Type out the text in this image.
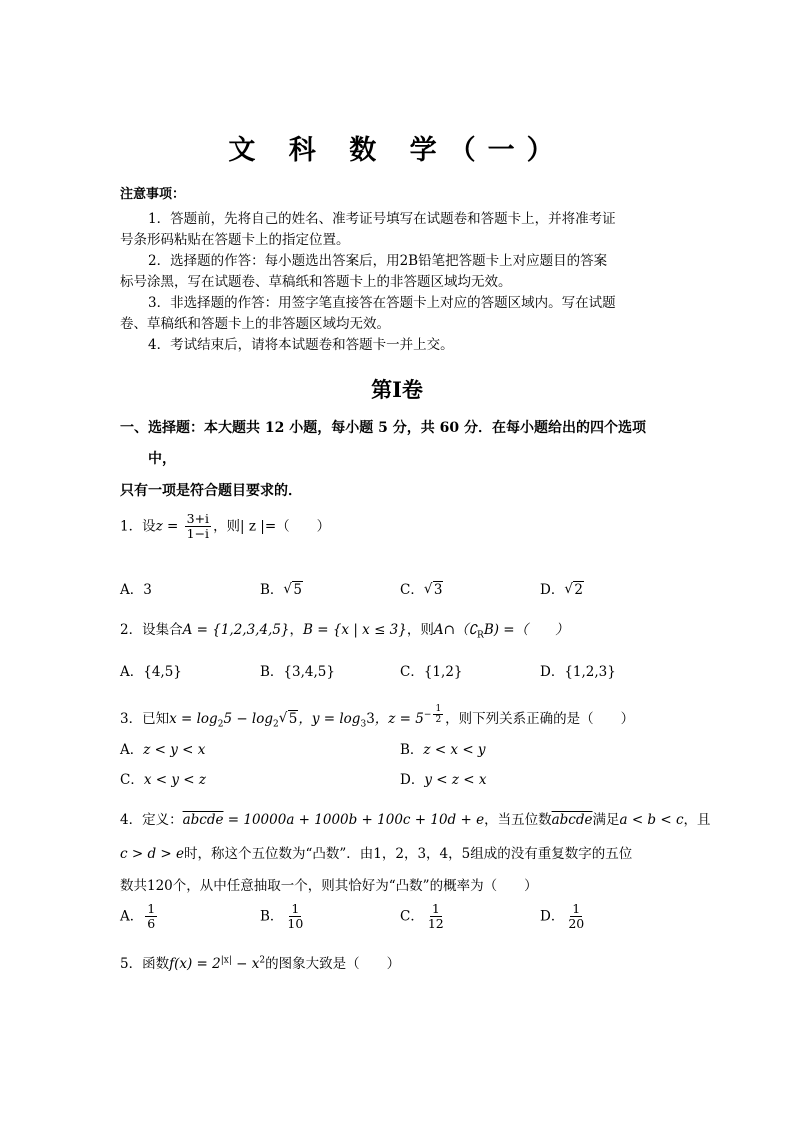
文 科 数 学（一）
注意事项：
1．答题前，先将自己的姓名、准考证号填写在试题卷和答题卡上，并将准考证
号条形码粘贴在答题卡上的指定位置。
2．选择题的作答：每小题选出答案后，用2B铅笔把答题卡上对应题目的答案
标号涂黑，写在试题卷、草稿纸和答题卡上的非答题区域均无效。
3．非选择题的作答：用签字笔直接答在答题卡上对应的答题区域内。写在试题
卷、草稿纸和答题卡上的非答题区域均无效。
4．考试结束后，请将本试题卷和答题卡一并上交。
第Ⅰ卷
一、选择题：本大题共 12 小题，每小题 5 分，共 60 分．在每小题给出的四个选项
中，
只有一项是符合题目要求的．
1．设$z = \frac{3+i}{1-i}$ ，则| z |=（　　）
A．3	B． √ 5	C． √ 3	D． √ 2
2．设集合A = {1,2,3,4,5}，B = {x | x ≤ 3}，则$A\cap(∁_RB)$ =（　　）
A．{4,5}	B．{3,4,5}	C．{1,2}	D．{1,2,3}
3．已知$x = \log_25 - \log_2$ √ 5，$y = \log_33$，$z = 5^{- \frac{1}{2}}$ ，则下列关系正确的是（　　）
A．z < y < x	B．z < x < y
C．x < y < z	D．y < z < x
4．定义：abcde = 10000a + 1000b + 100c + 10d + e，当五位数abcde满足a < b < c，且
c > d > e时，称这个五位数为“凸数”．由1，2，3，4，5组成的没有重复数字的五位
数共120个，从中任意抽取一个，则其恰好为“凸数”的概率为（　　）
A． $\frac{1}{6}$	B． $\frac{1}{10}$	C． $\frac{1}{12}$	D． $\frac{1}{20}$
5．函数$f(x) = 2^{|x|} - x^2$的图象大致是（　　）
